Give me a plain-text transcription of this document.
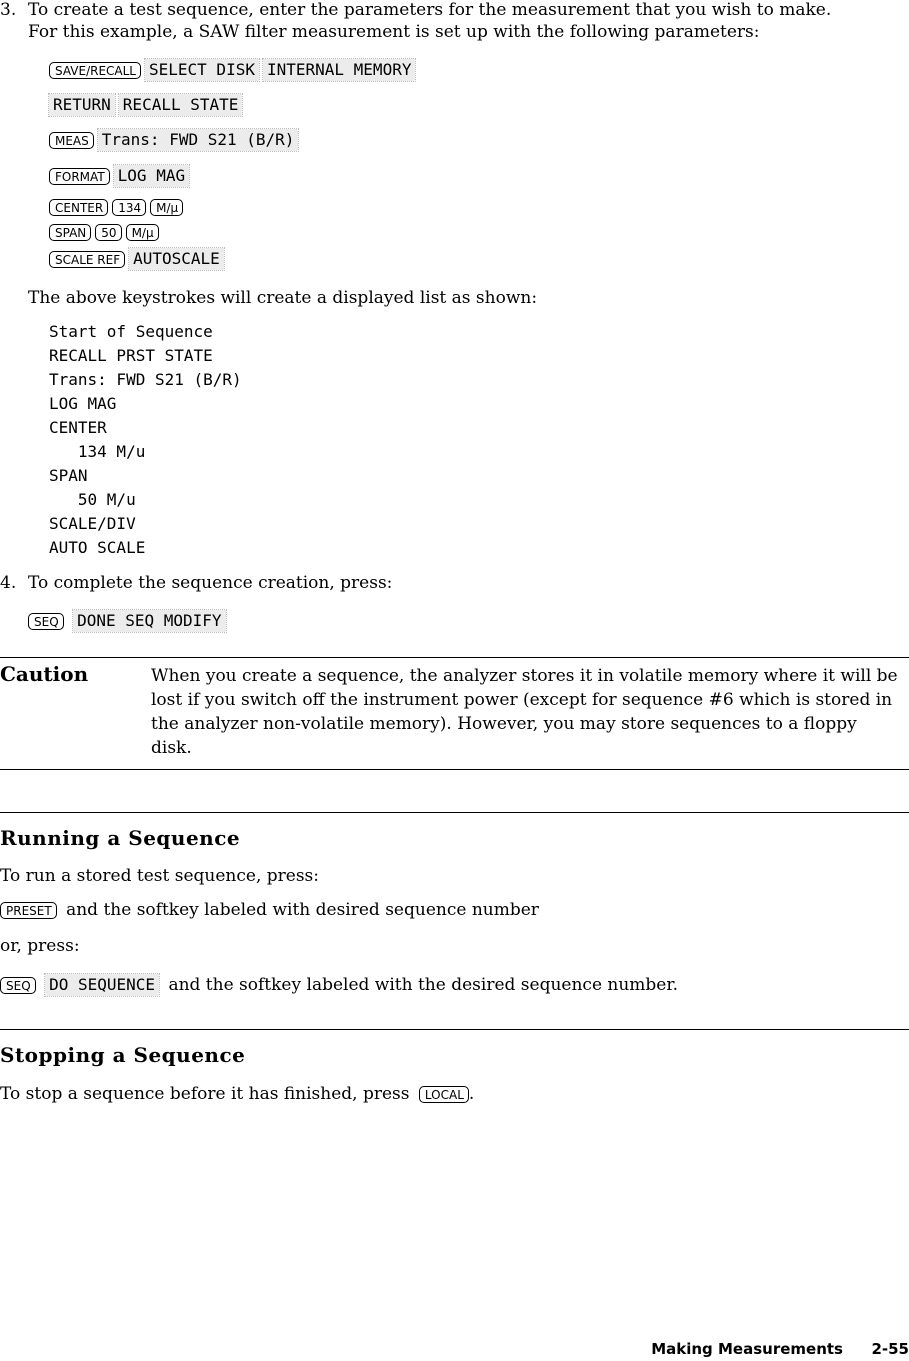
3. To create a test sequence, enter the parameters for the measurement that you wish to make.
For this example, a SAW filter measurement is set up with the following parameters:
SAVE/RECALL SELECT DISK INTERNAL MEMORY
RETURN RECALL STATE
MEAS Trans: FWD S21 (B/R)
FORMAT LOG MAG
CENTER 134 M/μ
SPAN 50 M/μ
SCALE REF AUTOSCALE
The above keystrokes will create a displayed list as shown:
Start of Sequence
RECALL PRST STATE
Trans: FWD S21 (B/R)
LOG MAG
CENTER
134 M/u
SPAN
50 M/u
SCALE/DIV
AUTO SCALE
4. To complete the sequence creation, press:
SEQ DONE SEQ MODIFY
Caution	When you create a sequence, the analyzer stores it in volatile memory where it will be lost if you switch off the instrument power (except for sequence #6 which is stored in the analyzer non-volatile memory). However, you may store sequences to a floppy disk.
Running a Sequence
To run a stored test sequence, press:
PRESET and the softkey labeled with desired sequence number
or, press:
SEQ DO SEQUENCE and the softkey labeled with the desired sequence number.
Stopping a Sequence
To stop a sequence before it has finished, press LOCAL .
Making Measurements 2-55
